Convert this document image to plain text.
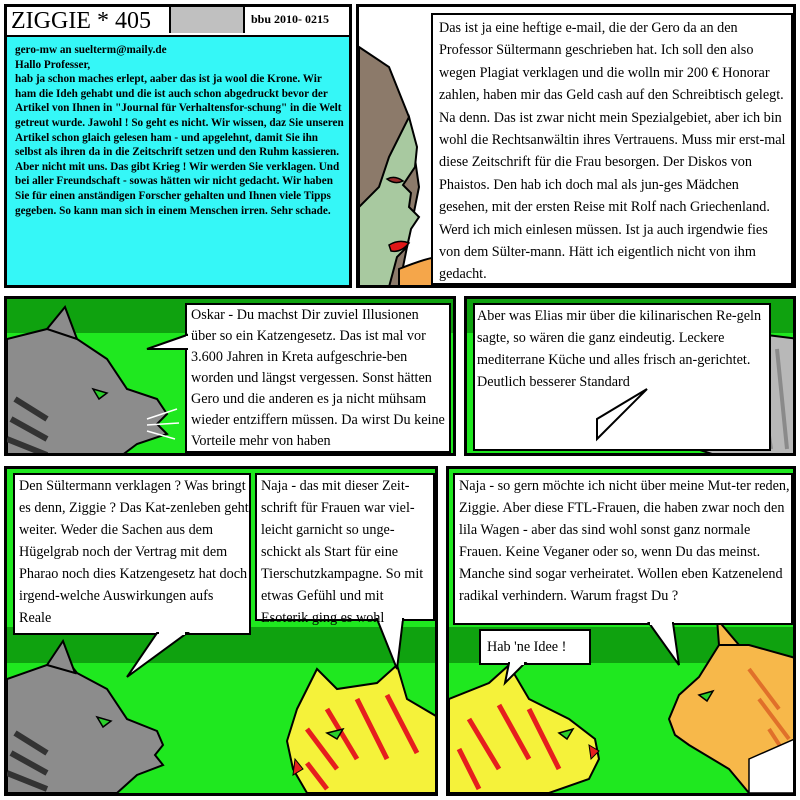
ZIGGIE * 405	bbu 2010- 0215
gero-mw an suelterm@maily.de
Hallo Professer,
hab ja schon maches erlept, aaber das ist ja wool die Krone. Wir ham die Ideh gehabt und die ist auch schon abgedruckt bevor der Artikel von Ihnen in "Journal für Verhaltensfor-schung" in die Welt getreut wurde. Jawohl ! So geht es nicht. Wir wissen, daz Sie unseren Artikel schon glaich gelesen ham - und apgelehnt, damit Sie ihn selbst als ihren da in die Zeitschrift setzen und den Ruhm kassieren. Aber nicht mit uns. Das gibt Krieg ! Wir werden Sie verklagen. Und bei aller Freundschaft - sowas hätten wir nicht gedacht. Wir haben Sie für einen anständigen Forscher gehalten und Ihnen viele Tipps gegeben. So kann man sich in einem Menschen irren. Sehr schade.
Das ist ja eine heftige e-mail, die der Gero da an den Professor Sültermann geschrieben hat. Ich soll den also wegen Plagiat verklagen und die wolln mir 200 € Honorar zahlen, haben mir das Geld cash auf den Schreibtisch gelegt. Na denn. Das ist zwar nicht mein Spezialgebiet, aber ich bin wohl die Rechtsanwältin ihres Vertrauens. Muss mir erst-mal diese Zeitschrift für die Frau besorgen. Der Diskos von Phaistos. Den hab ich doch mal als jun-ges Mädchen gesehen, mit der ersten Reise mit Rolf nach Griechenland. Werd ich mich einlesen müssen. Ist ja auch irgendwie fies von dem Sülter-mann. Hätt ich eigentlich nicht von ihm gedacht.
Oskar - Du machst Dir zuviel Illusionen über so ein Katzengesetz. Das ist mal vor 3.600 Jahren in Kreta aufgeschrie-ben worden und längst vergessen. Sonst hätten Gero und die anderen es ja nicht mühsam wieder entziffern müssen. Da wirst Du keine Vorteile mehr von haben
Aber was Elias mir über die kilinarischen Re-geln sagte, so wären die ganz eindeutig. Leckere mediterrane Küche und alles frisch an-gerichtet. Deutlich besserer Standard
Den Sültermann verklagen ? Was bringt es denn, Ziggie ? Das Kat-zenleben geht weiter. Weder die Sachen aus dem Hügelgrab noch der Vertrag mit dem Pharao noch dies Katzengesetz hat doch irgend-welche Auswirkungen aufs Reale
Naja - das mit dieser Zeit-schrift für Frauen war viel-leicht garnicht so unge-schickt als Start für eine Tierschutzkampagne. So mit etwas Gefühl und mit Esoterik ging es wohl
Naja - so gern möchte ich nicht über meine Mut-ter reden, Ziggie. Aber diese FTL-Frauen, die haben zwar noch den lila Wagen - aber das sind wohl sonst ganz normale Frauen. Keine Veganer oder so, wenn Du das meinst. Manche sind sogar verheiratet. Wollen eben Katzenelend radikal verhindern. Warum fragst Du ?
Hab 'ne Idee !
